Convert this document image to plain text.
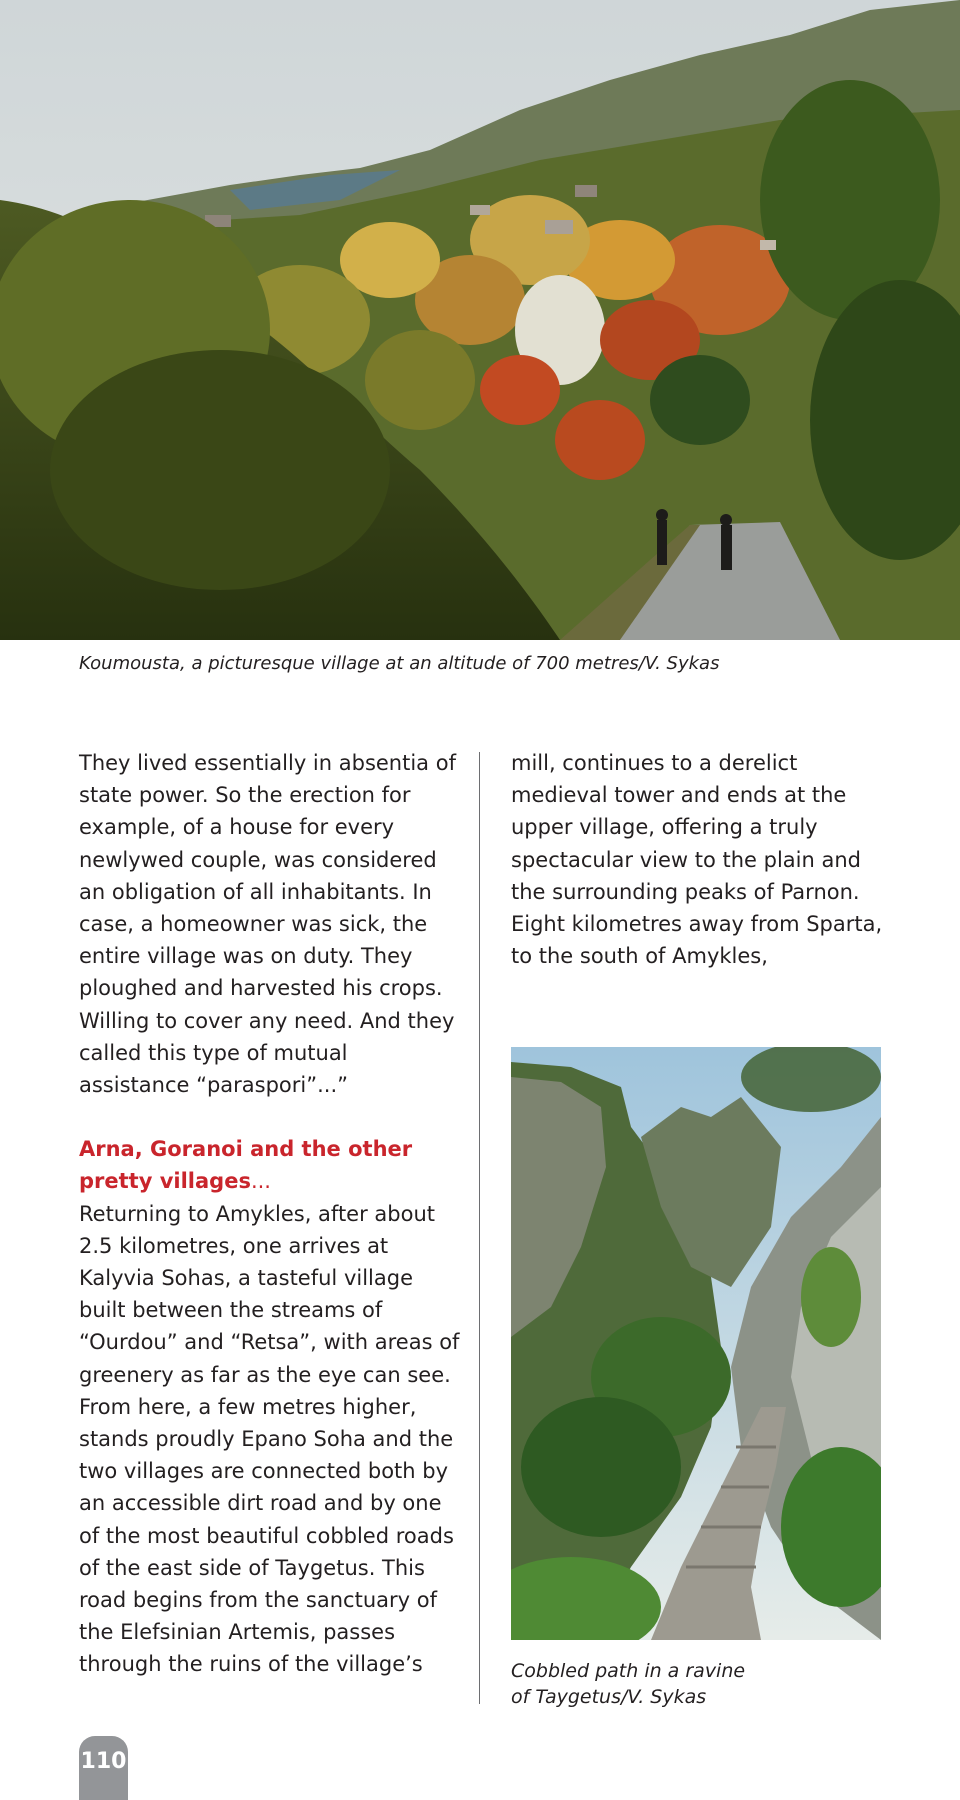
Koumousta, a picturesque village at an altitude of 700 metres/V. Sykas

They lived essentially in absentia of state power. So the erection for example, of a house for every newlywed couple, was considered an obligation of all inhabitants. In case, a homeowner was sick, the entire village was on duty. They ploughed and harvested his crops. Willing to cover any need. And they called this type of mutual assistance “paraspori”...”

Arna, Goranoi and the other pretty villages...

Returning to Amykles, after about 2.5 kilometres, one arrives at Kalyvia Sohas, a tasteful village built between the streams of “Ourdou” and “Retsa”, with areas of greenery as far as the eye can see. From here, a few metres higher, stands proudly Epano Soha and the two villages are connected both by an accessible dirt road and by one of the most beautiful cobbled roads of the east side of Taygetus. This road begins from the sanctuary of the Elefsinian Artemis, passes through the ruins of the village’s

mill, continues to a derelict medieval tower and ends at the upper village, offering a truly spectacular view to the plain and the surrounding peaks of Parnon. Eight kilometres away from Sparta, to the south of Amykles,

Cobbled path in a ravine
of Taygetus/V. Sykas
110
